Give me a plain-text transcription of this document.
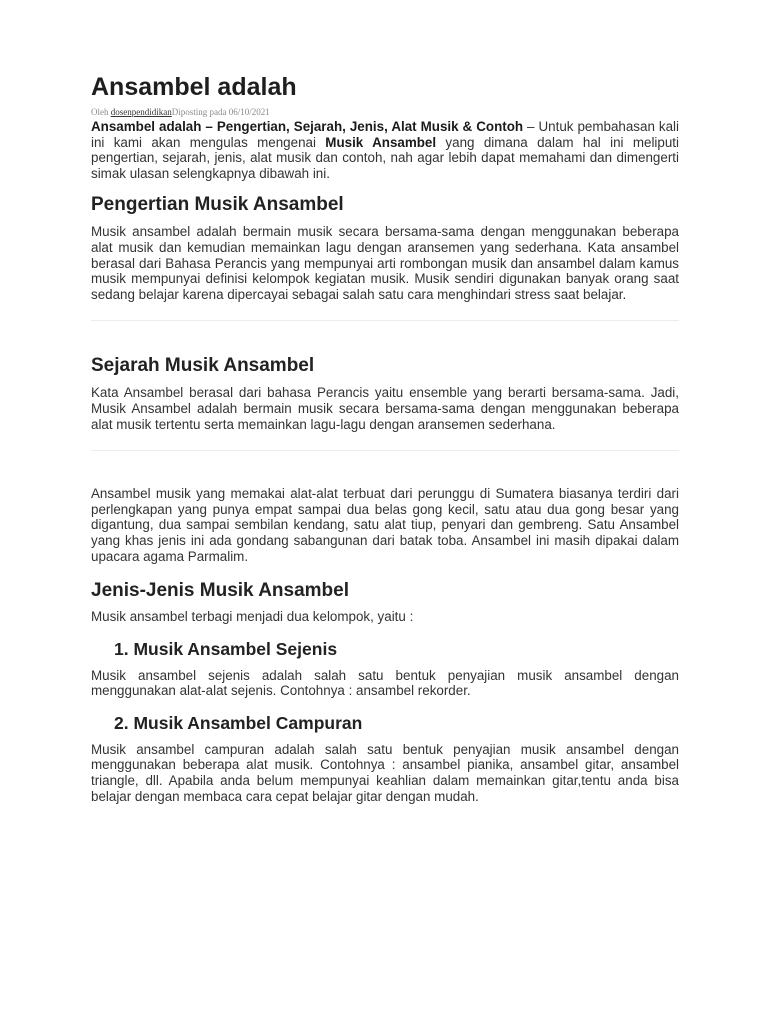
Ansambel adalah
Oleh dosenpendidikanDiposting pada 06/10/2021

Ansambel adalah – Pengertian, Sejarah, Jenis, Alat Musik & Contoh – Untuk pembahasan kali ini kami akan mengulas mengenai Musik Ansambel yang dimana dalam hal ini meliputi pengertian, sejarah, jenis, alat musik dan contoh, nah agar lebih dapat memahami dan dimengerti simak ulasan selengkapnya dibawah ini.

Pengertian Musik Ansambel

Musik ansambel adalah bermain musik secara bersama-sama dengan menggunakan beberapa alat musik dan kemudian memainkan lagu dengan aransemen yang sederhana. Kata ansambel berasal dari Bahasa Perancis yang mempunyai arti rombongan musik dan ansambel dalam kamus musik mempunyai definisi kelompok kegiatan musik. Musik sendiri digunakan banyak orang saat sedang belajar karena dipercayai sebagai salah satu cara menghindari stress saat belajar.

Sejarah Musik Ansambel

Kata Ansambel berasal dari bahasa Perancis yaitu ensemble yang berarti bersama-sama. Jadi, Musik Ansambel adalah bermain musik secara bersama-sama dengan menggunakan beberapa alat musik tertentu serta memainkan lagu-lagu dengan aransemen sederhana.

Ansambel musik yang memakai alat-alat terbuat dari perunggu di Sumatera biasanya terdiri dari perlengkapan yang punya empat sampai dua belas gong kecil, satu atau dua gong besar yang digantung, dua sampai sembilan kendang, satu alat tiup, penyari dan gembreng. Satu Ansambel yang khas jenis ini ada gondang sabangunan dari batak toba. Ansambel ini masih dipakai dalam upacara agama Parmalim.

Jenis-Jenis Musik Ansambel

Musik ansambel terbagi menjadi dua kelompok, yaitu :

1. Musik Ansambel Sejenis

Musik ansambel sejenis adalah salah satu bentuk penyajian musik ansambel dengan menggunakan alat-alat sejenis. Contohnya : ansambel rekorder.

2. Musik Ansambel Campuran

Musik ansambel campuran adalah salah satu bentuk penyajian musik ansambel dengan menggunakan beberapa alat musik. Contohnya : ansambel pianika, ansambel gitar, ansambel triangle, dll. Apabila anda belum mempunyai keahlian dalam memainkan gitar,tentu anda bisa belajar dengan membaca cara cepat belajar gitar dengan mudah.
